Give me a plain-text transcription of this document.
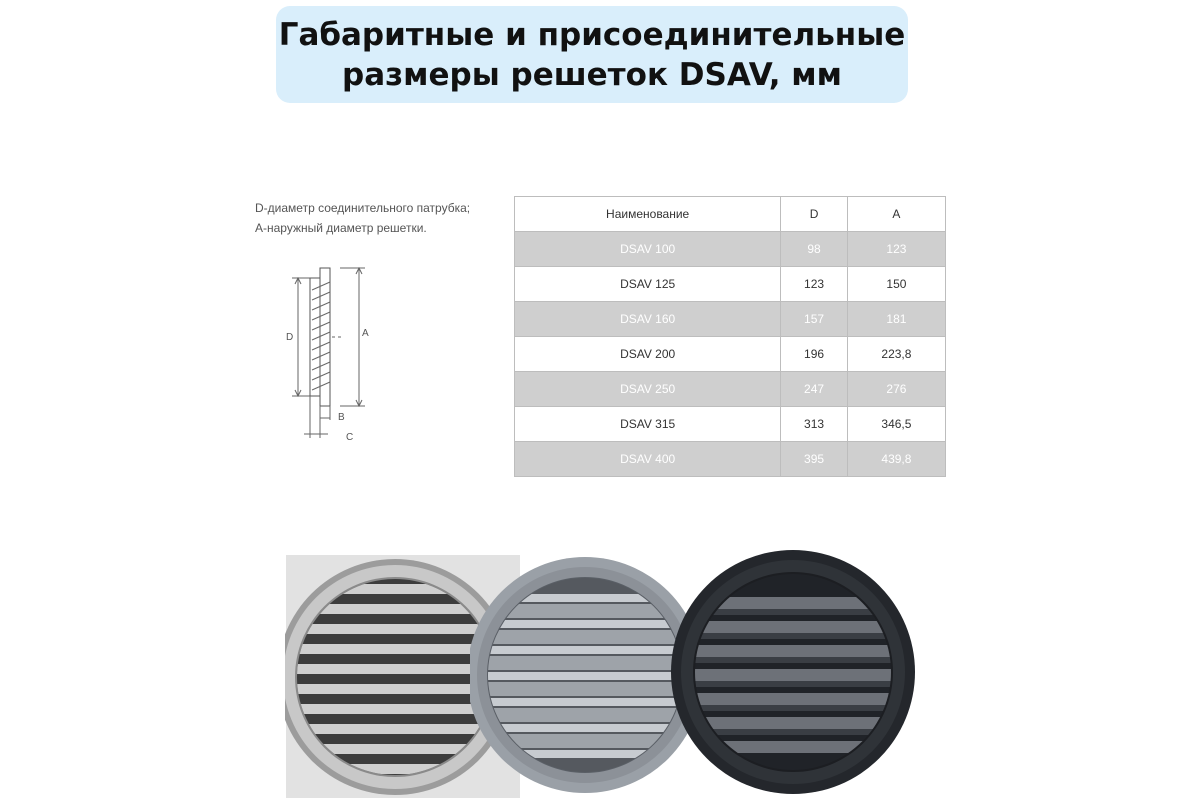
Габаритные и присоединительные
размеры решеток DSAV, мм
D-диаметр соединительного патрубка;
A-наружный диаметр решетки.
D	A
B
C
Наименование	D	A
DSAV 100	98	123
DSAV 125	123	150
DSAV 160	157	181
DSAV 200	196	223,8
DSAV 250	247	276
DSAV 315	313	346,5
DSAV 400	395	439,8
